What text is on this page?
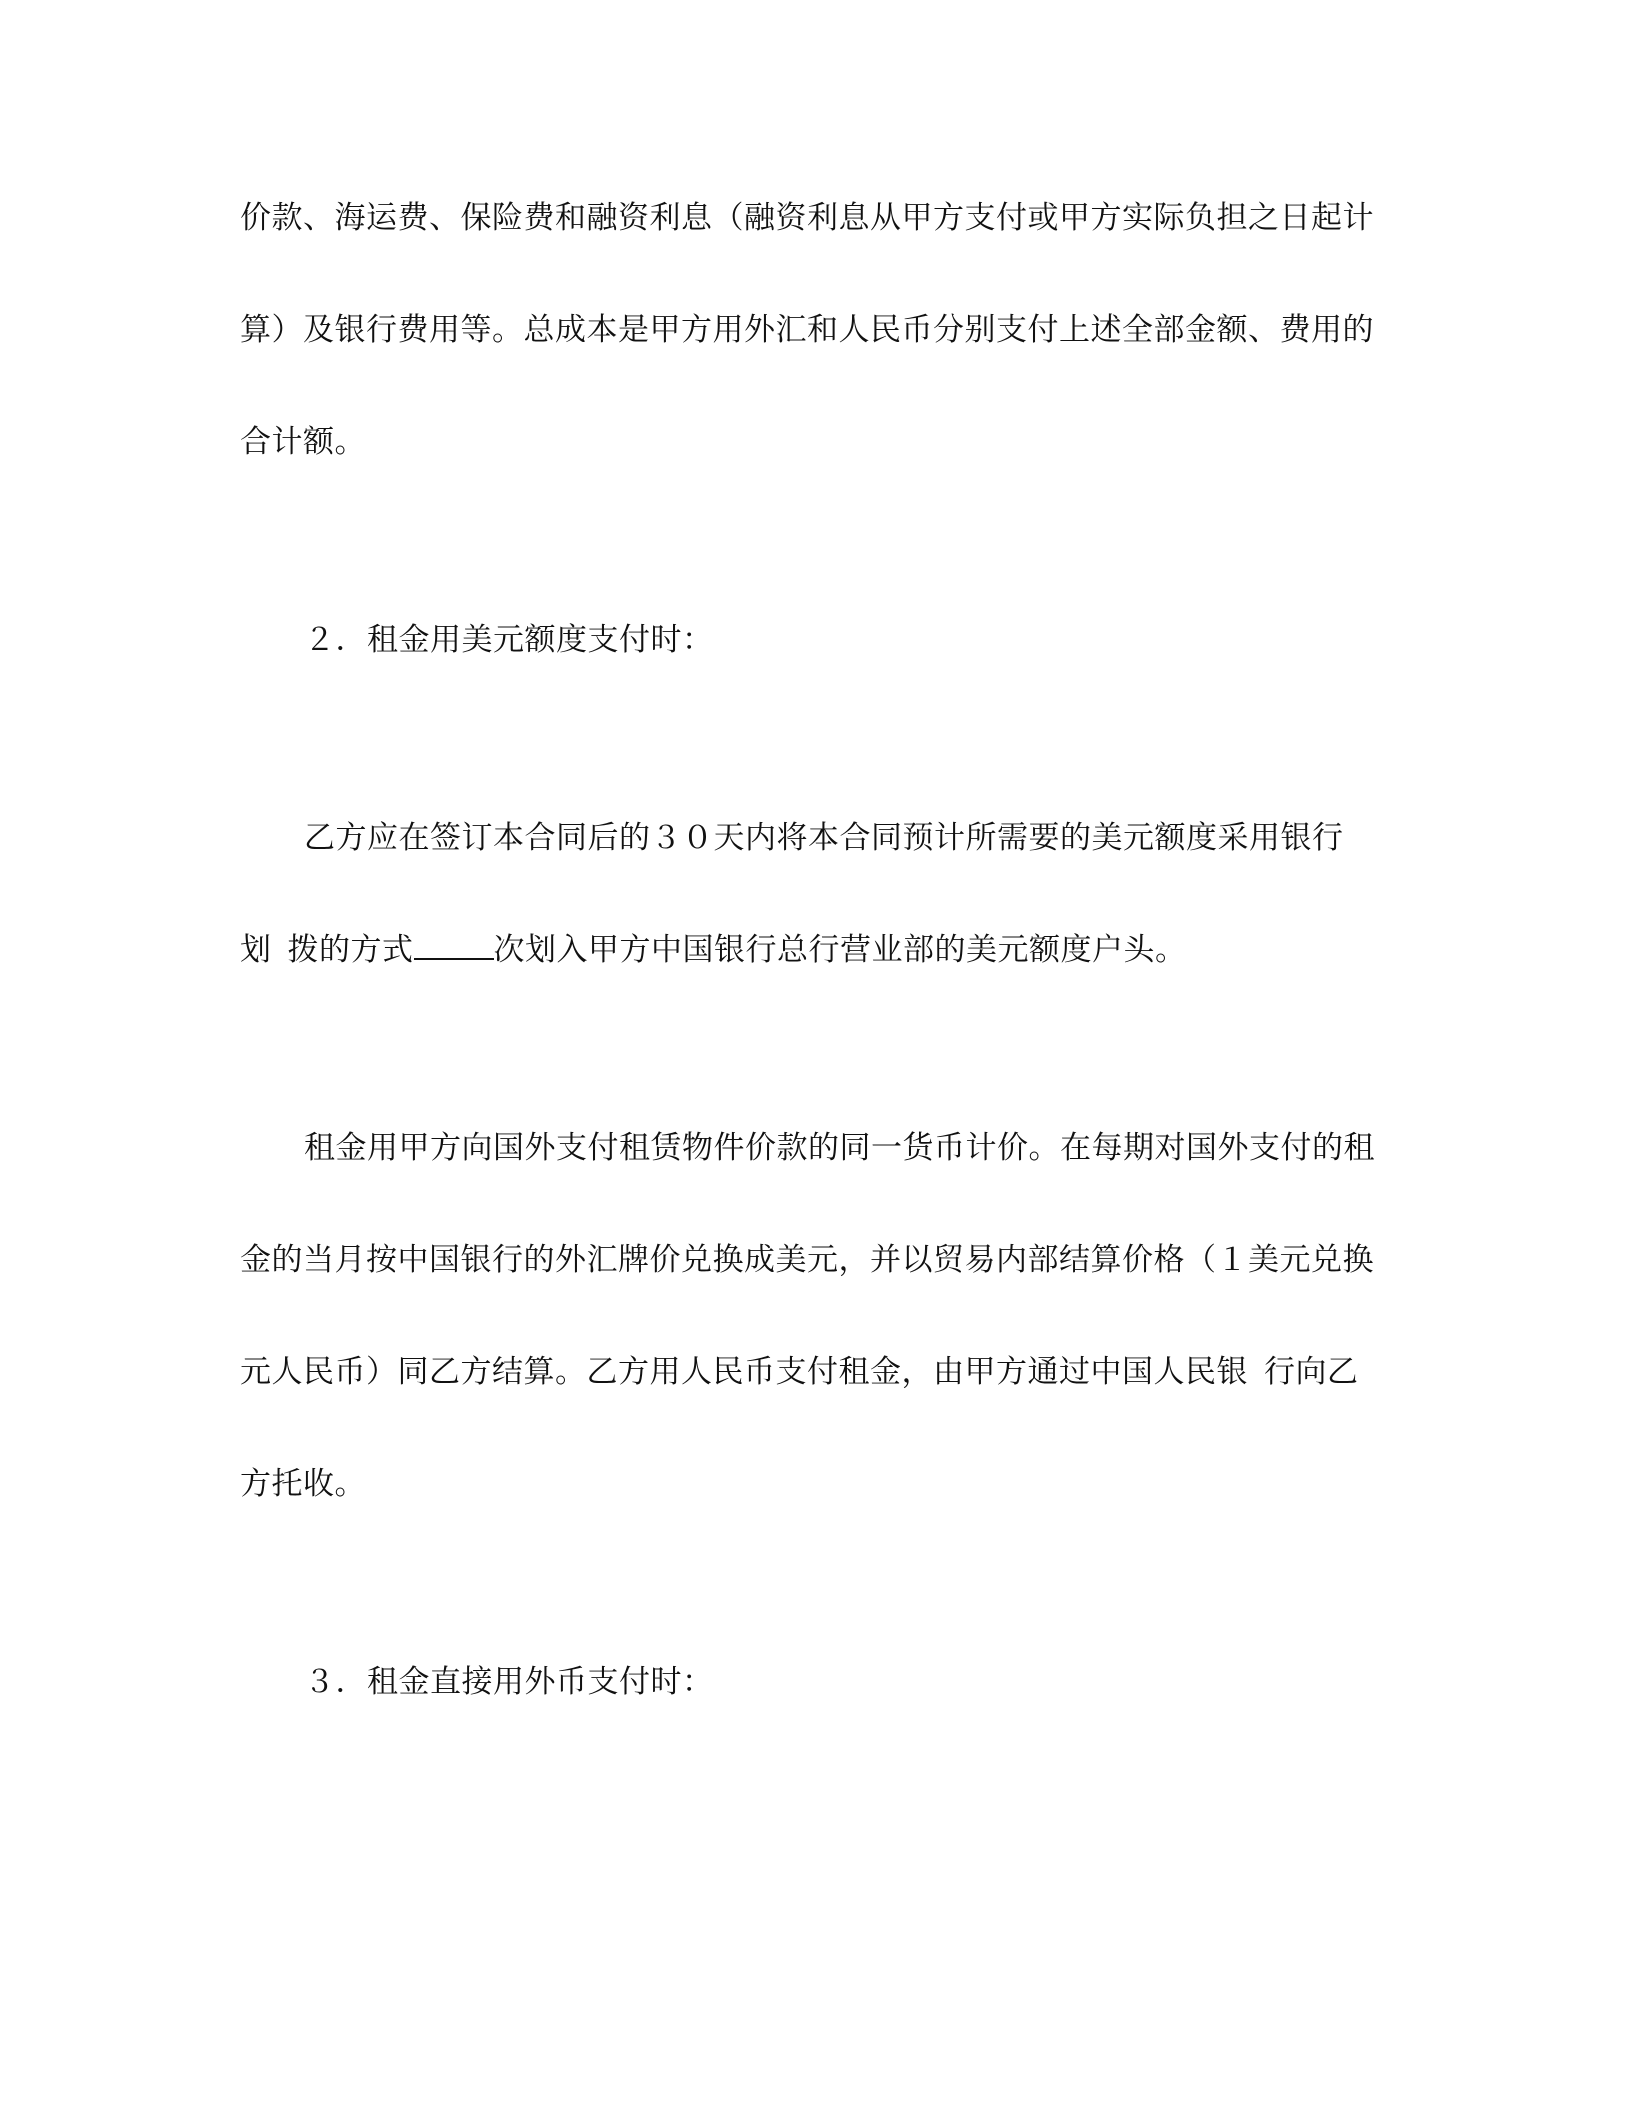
价款、海运费、保险费和融资利息（融资利息从甲方支付或甲方实际负担之日起计
算）及银行费用等。总成本是甲方用外汇和人民币分别支付上述全部金额、费用的
合计额。
２．租金用美元额度支付时：
乙方应在签订本合同后的３０天内将本合同预计所需要的美元额度采用银行
划 拨的方式	次划入甲方中国银行总行营业部的美元额度户头。
租金用甲方向国外支付租赁物件价款的同一货币计价。在每期对国外支付的租
金的当月按中国银行的外汇牌价兑换成美元，并以贸易内部结算价格（１美元兑换
元人民币）同乙方结算。乙方用人民币支付租金，由甲方通过中国人民银 行向乙
方托收。
３．租金直接用外币支付时：
